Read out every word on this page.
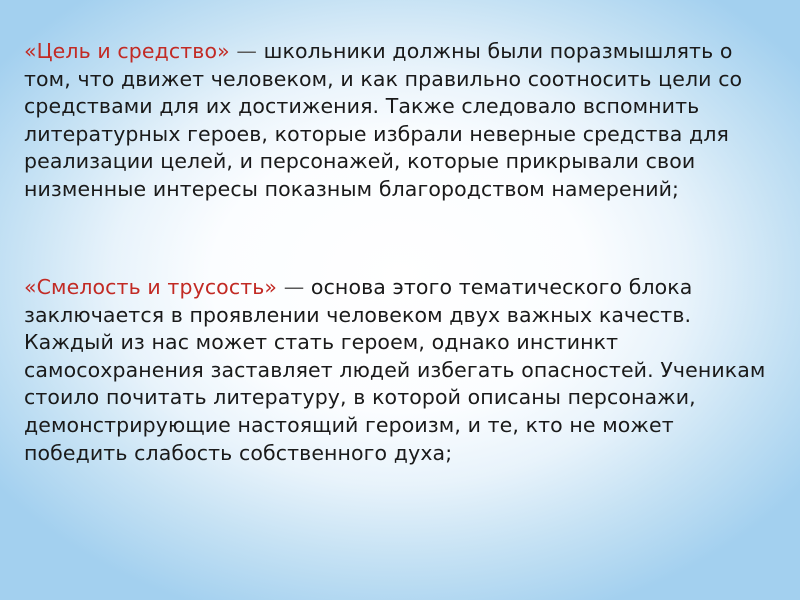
«Цель и средство» — школьники должны были поразмышлять о том, что движет человеком, и как правильно соотносить цели со средствами для их достижения. Также следовало вспомнить литературных героев, которые избрали неверные средства для реализации целей, и персонажей, которые прикрывали свои низменные интересы показным благородством намерений;

«Смелость и трусость» — основа этого тематического блока заключается в проявлении человеком двух важных качеств. Каждый из нас может стать героем, однако инстинкт самосохранения заставляет людей избегать опасностей. Ученикам стоило почитать литературу, в которой описаны персонажи, демонстрирующие настоящий героизм, и те, кто не может победить слабость собственного духа;
